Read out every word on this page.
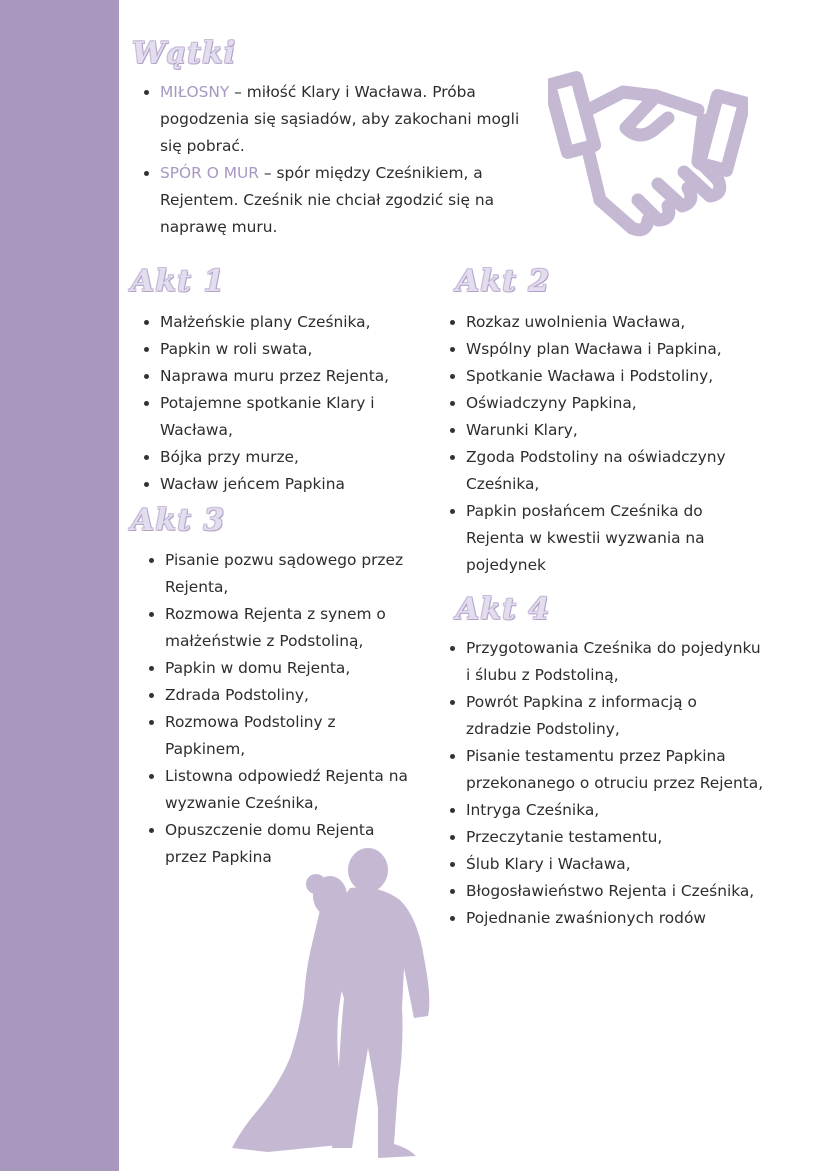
Wątki
MIŁOSNY – miłość Klary i Wacława. Próba pogodzenia się sąsiadów, aby zakochani mogli się pobrać.
SPÓR O MUR – spór między Cześnikiem, a Rejentem. Cześnik nie chciał zgodzić się na naprawę muru.
Akt 1
Małżeńskie plany Cześnika,
Papkin w roli swata,
Naprawa muru przez Rejenta,
Potajemne spotkanie Klary i Wacława,
Bójka przy murze,
Wacław jeńcem Papkina
Akt 2
Rozkaz uwolnienia Wacława,
Wspólny plan Wacława i Papkina,
Spotkanie Wacława i Podstoliny,
Oświadczyny Papkina,
Warunki Klary,
Zgoda Podstoliny na oświadczyny Cześnika,
Papkin posłańcem Cześnika do Rejenta w kwestii wyzwania na pojedynek
Akt 3
Pisanie pozwu sądowego przez Rejenta,
Rozmowa Rejenta z synem o małżeństwie z Podstoliną,
Papkin w domu Rejenta,
Zdrada Podstoliny,
Rozmowa Podstoliny z Papkinem,
Listowna odpowiedź Rejenta na wyzwanie Cześnika,
Opuszczenie domu Rejenta przez Papkina
Akt 4
Przygotowania Cześnika do pojedynku i ślubu z Podstoliną,
Powrót Papkina z informacją o zdradzie Podstoliny,
Pisanie testamentu przez Papkina przekonanego o otruciu przez Rejenta,
Intryga Cześnika,
Przeczytanie testamentu,
Ślub Klary i Wacława,
Błogosławieństwo Rejenta i Cześnika,
Pojednanie zwaśnionych rodów
